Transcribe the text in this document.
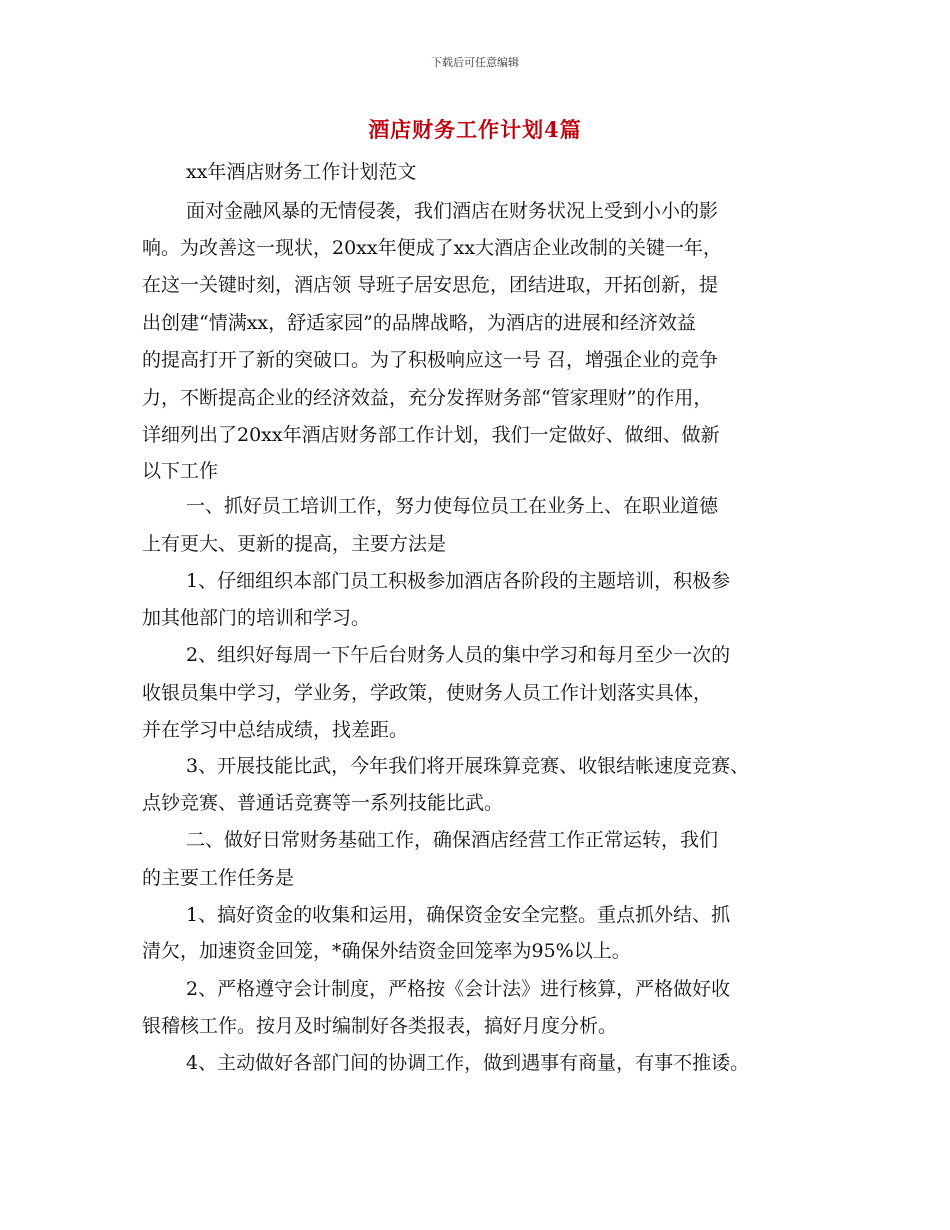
下载后可任意编辑
酒店财务工作计划4篇
xx年酒店财务工作计划范文
面对金融风暴的无情侵袭，我们酒店在财务状况上受到小小的影
响。为改善这一现状，20xx年便成了xx大酒店企业改制的关键一年，
在这一关键时刻，酒店领 导班子居安思危，团结进取，开拓创新，提
出创建“情满xx，舒适家园”的品牌战略，为酒店的进展和经济效益
的提高打开了新的突破口。为了积极响应这一号 召，增强企业的竞争
力，不断提高企业的经济效益，充分发挥财务部“管家理财”的作用，
详细列出了20xx年酒店财务部工作计划，我们一定做好、做细、做新
以下工作
一、抓好员工培训工作，努力使每位员工在业务上、在职业道德
上有更大、更新的提高，主要方法是
1、仔细组织本部门员工积极参加酒店各阶段的主题培训，积极参
加其他部门的培训和学习。
2、组织好每周一下午后台财务人员的集中学习和每月至少一次的
收银员集中学习，学业务，学政策，使财务人员工作计划落实具体，
并在学习中总结成绩，找差距。
3、开展技能比武，今年我们将开展珠算竞赛、收银结帐速度竞赛、
点钞竞赛、普通话竞赛等一系列技能比武。
二、做好日常财务基础工作，确保酒店经营工作正常运转，我们
的主要工作任务是
1、搞好资金的收集和运用，确保资金安全完整。重点抓外结、抓
清欠，加速资金回笼，*确保外结资金回笼率为95%以上。
2、严格遵守会计制度，严格按《会计法》进行核算，严格做好收
银稽核工作。按月及时编制好各类报表，搞好月度分析。
4、主动做好各部门间的协调工作，做到遇事有商量，有事不推诿。
